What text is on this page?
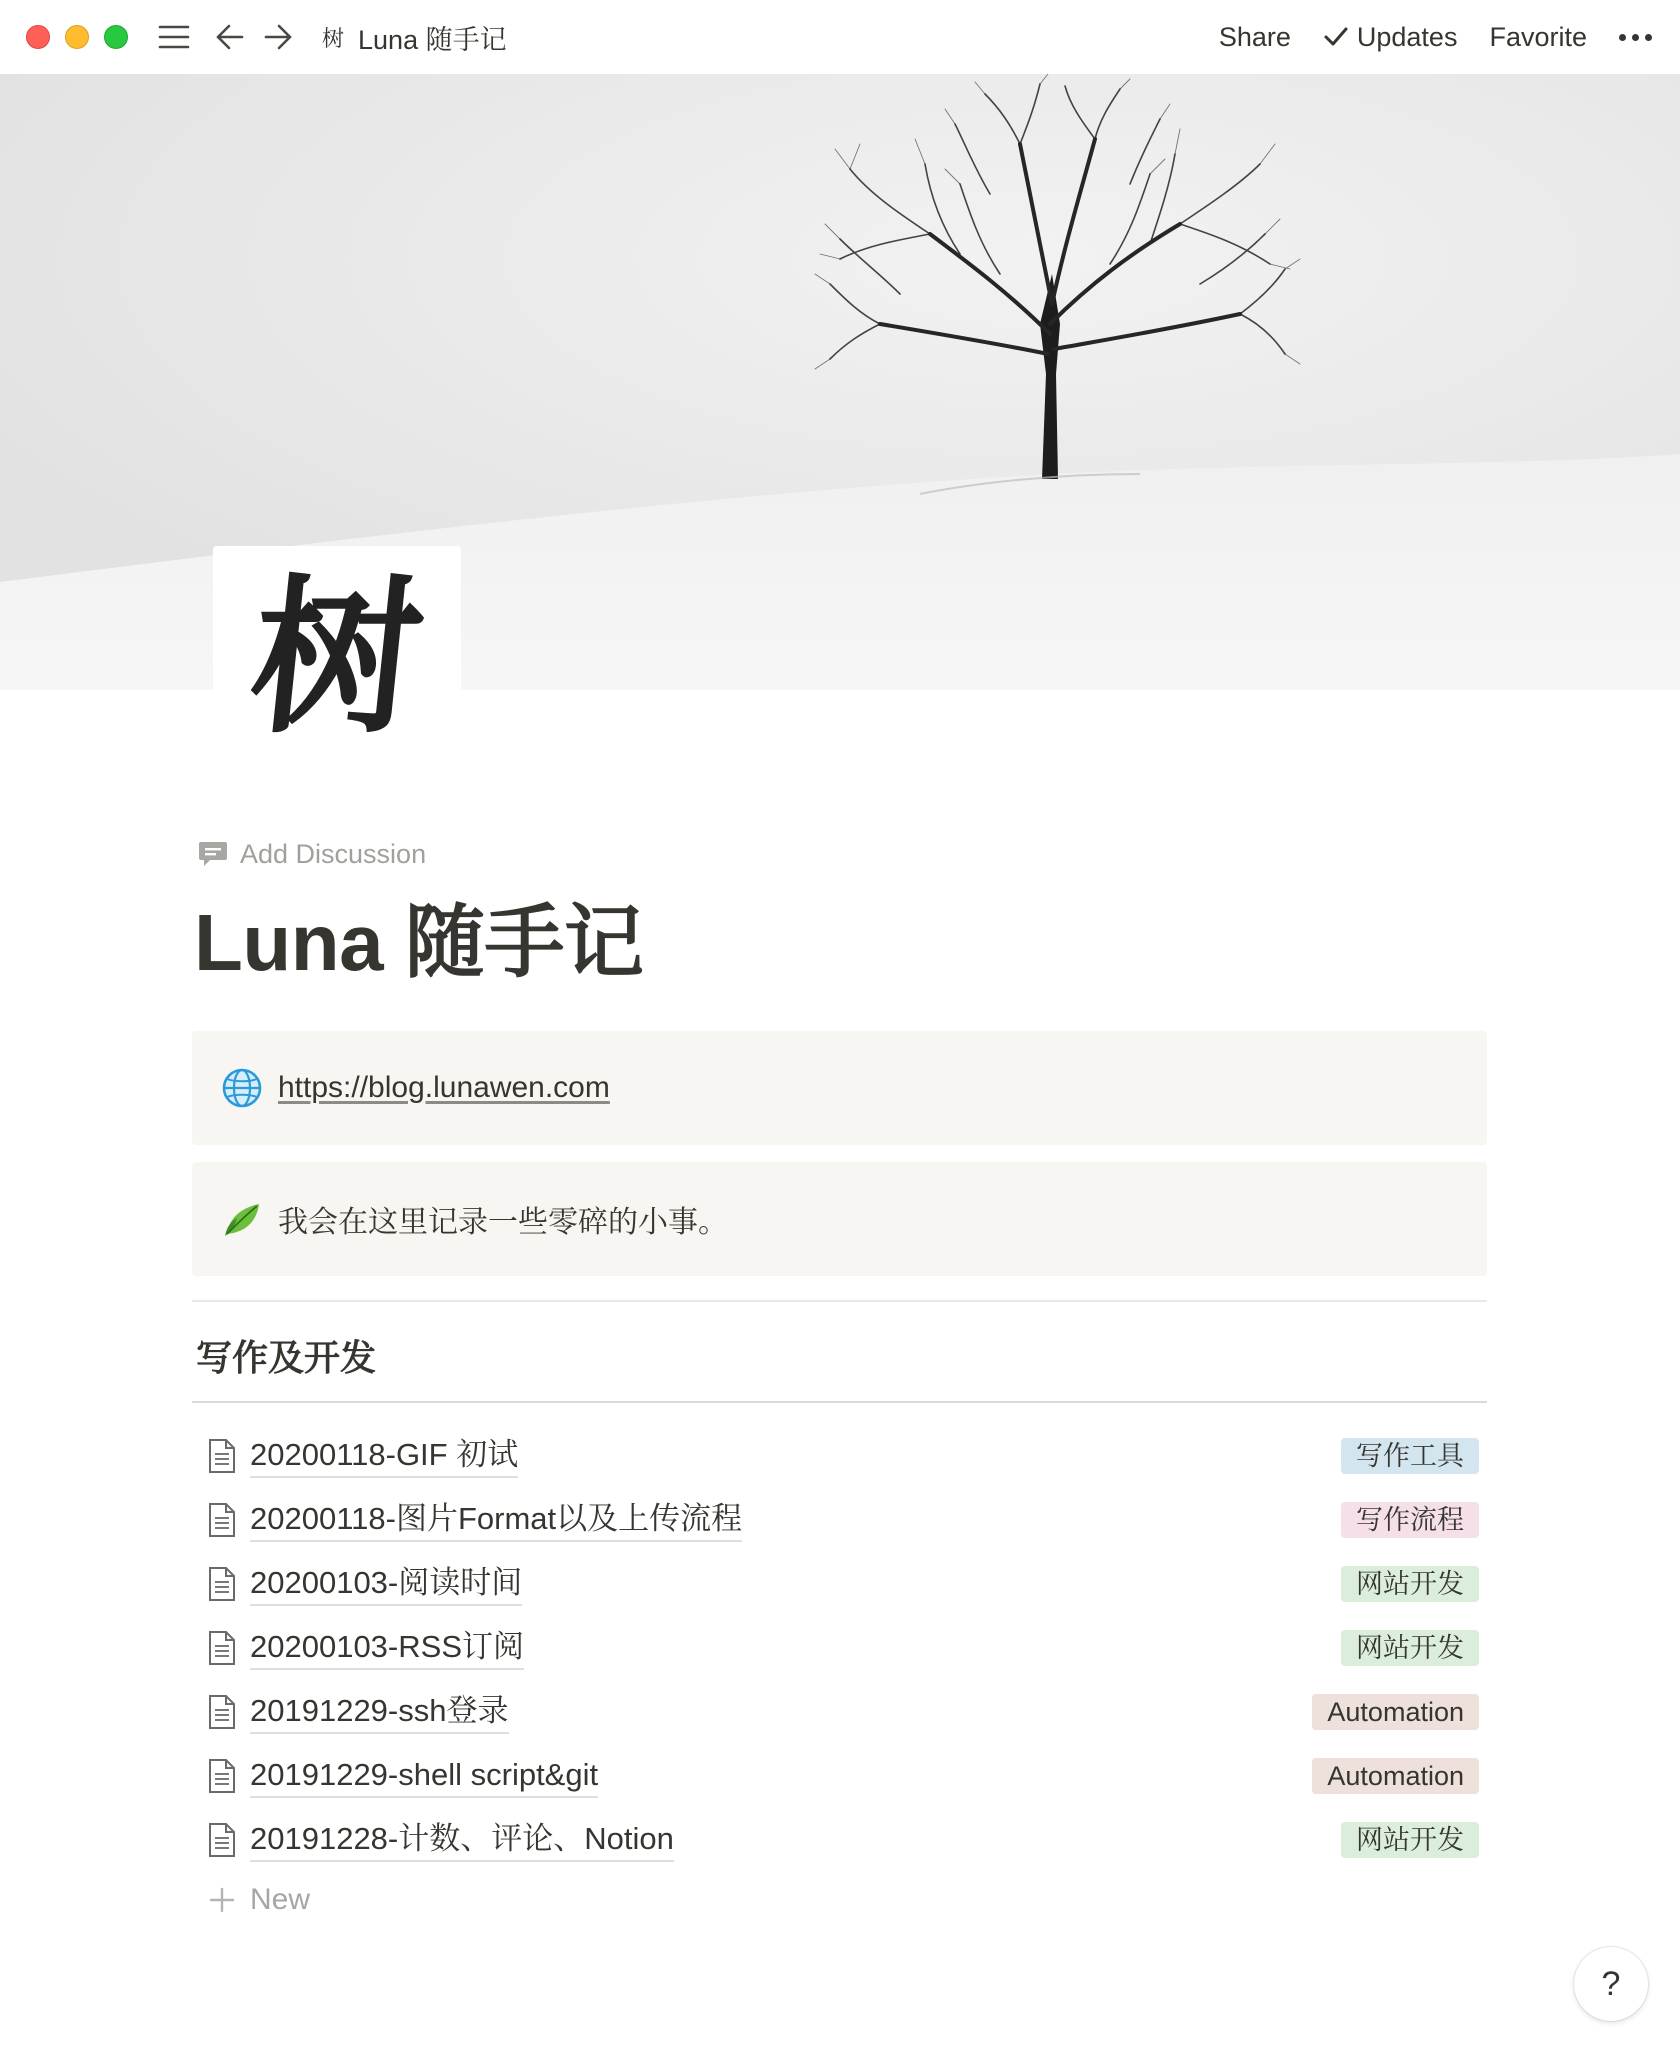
树 Luna 随手记	Share Updates Favorite
树
Add Discussion
Luna 随手记
https://blog.lunawen.com
我会在这里记录一些零碎的小事。
写作及开发
20200118-GIF 初试	写作工具
20200118-图片Format以及上传流程	写作流程
20200103-阅读时间	网站开发
20200103-RSS订阅	网站开发
20191229-ssh登录	Automation
20191229-shell script&git	Automation
20191228-计数、评论、Notion	网站开发
New
?
